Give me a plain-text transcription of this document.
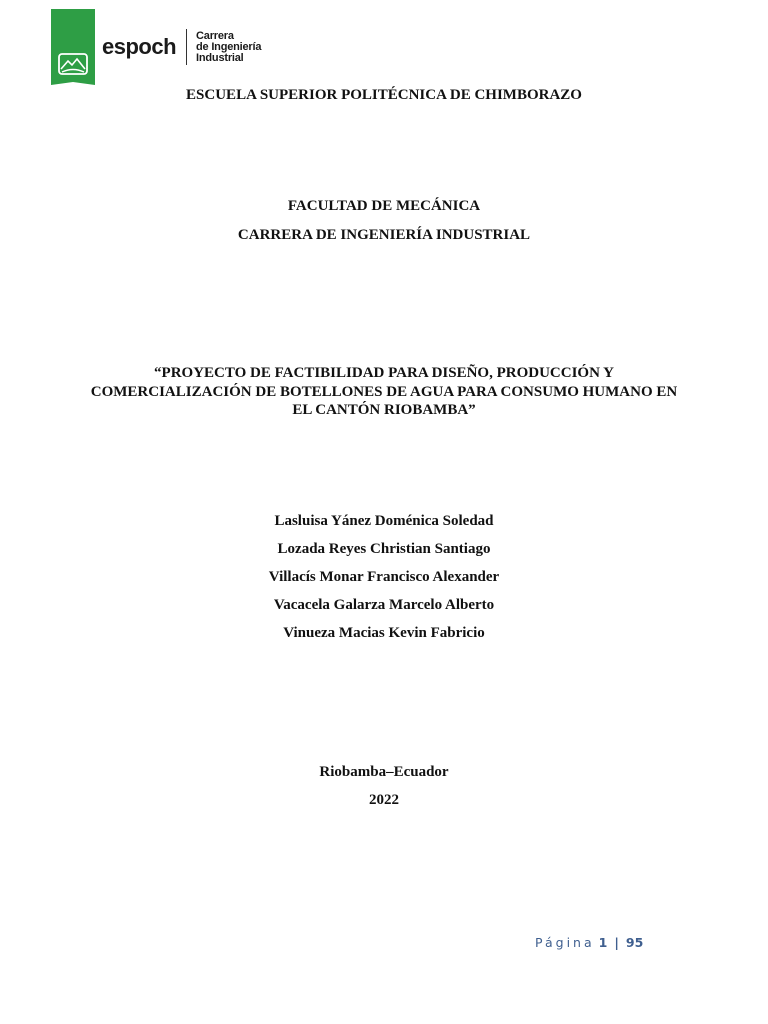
espoch Carrera
de Ingeniería
Industrial
ESCUELA SUPERIOR POLITÉCNICA DE CHIMBORAZO
FACULTAD DE MECÁNICA
CARRERA DE INGENIERÍA INDUSTRIAL
“PROYECTO DE FACTIBILIDAD PARA DISEÑO, PRODUCCIÓN Y
COMERCIALIZACIÓN DE BOTELLONES DE AGUA PARA CONSUMO HUMANO EN
EL CANTÓN RIOBAMBA”
Lasluisa Yánez Doménica Soledad
Lozada Reyes Christian Santiago
Villacís Monar Francisco Alexander
Vacacela Galarza Marcelo Alberto
Vinueza Macias Kevin Fabricio
Riobamba–Ecuador
2022
Página 1 | 95
